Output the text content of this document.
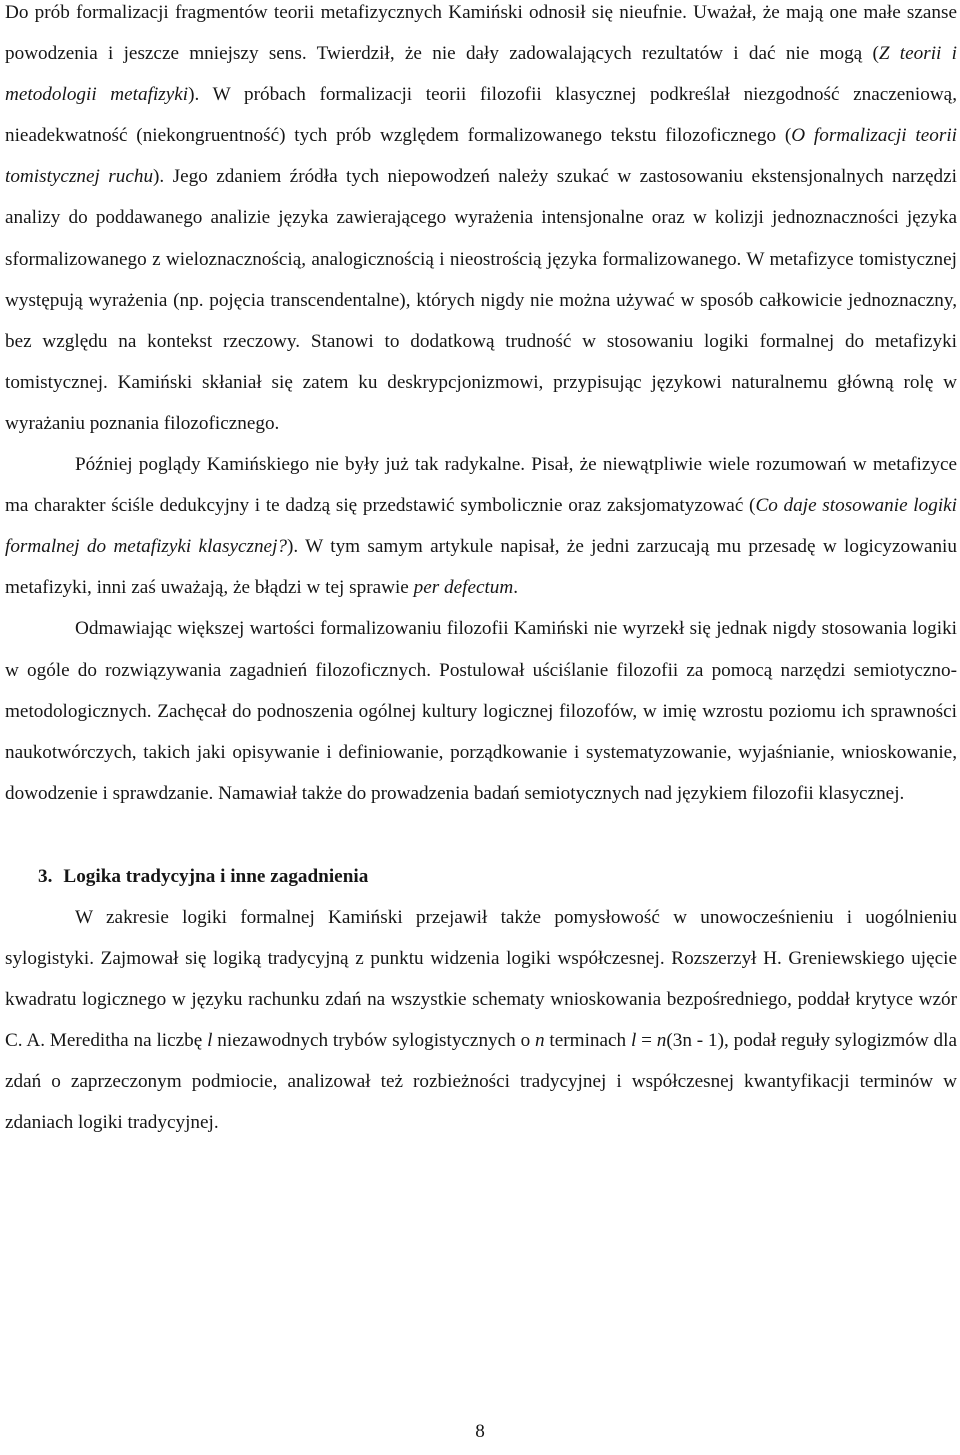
Do prób formalizacji fragmentów teorii metafizycznych Kamiński odnosił się nieufnie. Uważał, że mają one małe szanse powodzenia i jeszcze mniejszy sens. Twierdził, że nie dały zadowalających rezultatów i dać nie mogą (Z teorii i metodologii metafizyki). W próbach formalizacji teorii filozofii klasycznej podkreślał niezgodność znaczeniową, nieadekwatność (niekongruentność) tych prób względem formalizowanego tekstu filozoficznego (O formalizacji teorii tomistycznej ruchu). Jego zdaniem źródła tych niepowodzeń należy szukać w zastosowaniu ekstensjonalnych narzędzi analizy do poddawanego analizie języka zawierającego wyrażenia intensjonalne oraz w kolizji jednoznaczności języka sformalizowanego z wieloznacznością, analogicznością i nieostrością języka formalizowanego. W metafizyce tomistycznej występują wyrażenia (np. pojęcia transcendentalne), których nigdy nie można używać w sposób całkowicie jednoznaczny, bez względu na kontekst rzeczowy. Stanowi to dodatkową trudność w stosowaniu logiki formalnej do metafizyki tomistycznej. Kamiński skłaniał się zatem ku deskrypcjonizmowi, przypisując językowi naturalnemu główną rolę w wyrażaniu poznania filozoficznego.

Później poglądy Kamińskiego nie były już tak radykalne. Pisał, że niewątpliwie wiele rozumowań w metafizyce ma charakter ściśle dedukcyjny i te dadzą się przedstawić symbolicznie oraz zaksjomatyzować (Co daje stosowanie logiki formalnej do metafizyki klasycznej?). W tym samym artykule napisał, że jedni zarzucają mu przesadę w logicyzowaniu metafizyki, inni zaś uważają, że błądzi w tej sprawie per defectum.

Odmawiając większej wartości formalizowaniu filozofii Kamiński nie wyrzekł się jednak nigdy stosowania logiki w ogóle do rozwiązywania zagadnień filozoficznych. Postulował uściślanie filozofii za pomocą narzędzi semiotyczno-metodologicznych. Zachęcał do podnoszenia ogólnej kultury logicznej filozofów, w imię wzrostu poziomu ich sprawności naukotwórczych, takich jaki opisywanie i definiowanie, porządkowanie i systematyzowanie, wyjaśnianie, wnioskowanie, dowodzenie i sprawdzanie. Namawiał także do prowadzenia badań semiotycznych nad językiem filozofii klasycznej.

3. Logika tradycyjna i inne zagadnienia

W zakresie logiki formalnej Kamiński przejawił także pomysłowość w unowocześnieniu i uogólnieniu sylogistyki. Zajmował się logiką tradycyjną z punktu widzenia logiki współczesnej. Rozszerzył H. Greniewskiego ujęcie kwadratu logicznego w języku rachunku zdań na wszystkie schematy wnioskowania bezpośredniego, poddał krytyce wzór C. A. Mereditha na liczbę l niezawodnych trybów sylogistycznych o n terminach l = n(3n - 1), podał reguły sylogizmów dla zdań o zaprzeczonym podmiocie, analizował też rozbieżności tradycyjnej i współczesnej kwantyfikacji terminów w zdaniach logiki tradycyjnej.

8
